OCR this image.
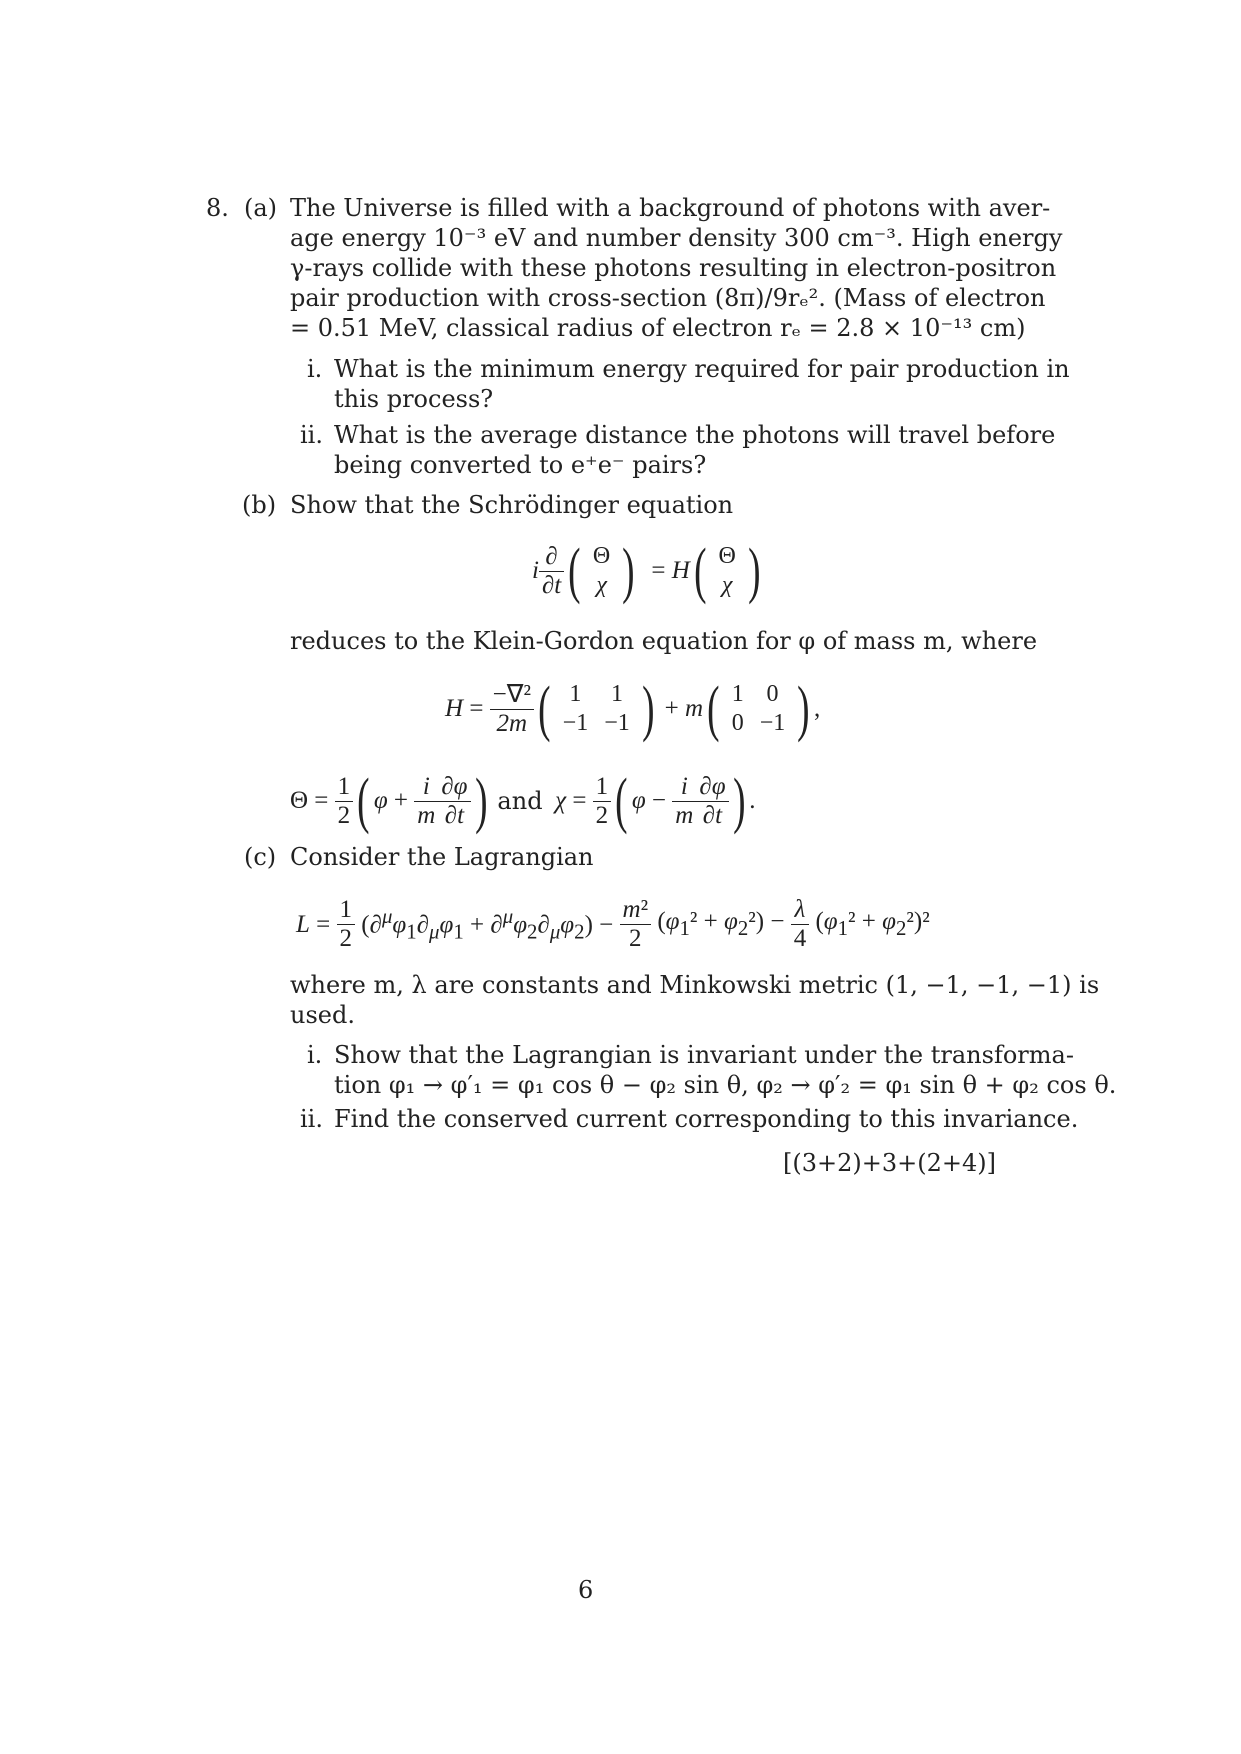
8. (a) The Universe is filled with a background of photons with aver-
age energy 10⁻³ eV and number density 300 cm⁻³. High energy
γ-rays collide with these photons resulting in electron-positron
pair production with cross-section (8π)/9rₑ². (Mass of electron
= 0.51 MeV, classical radius of electron rₑ = 2.8 × 10⁻¹³ cm)
i. What is the minimum energy required for pair production in
this process?
ii. What is the average distance the photons will travel before
being converted to e⁺e⁻ pairs?
(b) Show that the Schrödinger equation
i $\frac{\partial}{\partial t}$ ( Θ
χ )  = H( Θ
χ )
reduces to the Klein-Gordon equation for φ of mass m, where
$H = \frac{\text{−∇²}}{2m}$ ( 1	1
−1	−1 ) + m( 1	0
0	−1 ) ,
$\Theta = \frac{1}{2}$ ( $\varphi + \frac{i}{m} \frac{\partial\varphi}{\partial t}$ ) and $\chi = \frac{1}{2}$ ( $\varphi - \frac{i}{m} \frac{\partial\varphi}{\partial t}$ ) .
(c) Consider the Lagrangian
$L = \frac{1}{2} (\partial^\mu\varphi_1\partial_\mu\varphi_1 + \partial^\mu\varphi_2\partial_\mu\varphi_2) - \frac{\text{m²}}{2} (\varphi_1^2 + \varphi_2^2) - \frac{\lambda}{4} (\varphi_1^2 + \varphi_2^2)^2$
where m, λ are constants and Minkowski metric (1, −1, −1, −1) is
used.
i. Show that the Lagrangian is invariant under the transforma-
tion φ₁ → φ′₁ = φ₁ cos θ − φ₂ sin θ, φ₂ → φ′₂ = φ₁ sin θ + φ₂ cos θ.
ii. Find the conserved current corresponding to this invariance.
[(3+2)+3+(2+4)]
6
